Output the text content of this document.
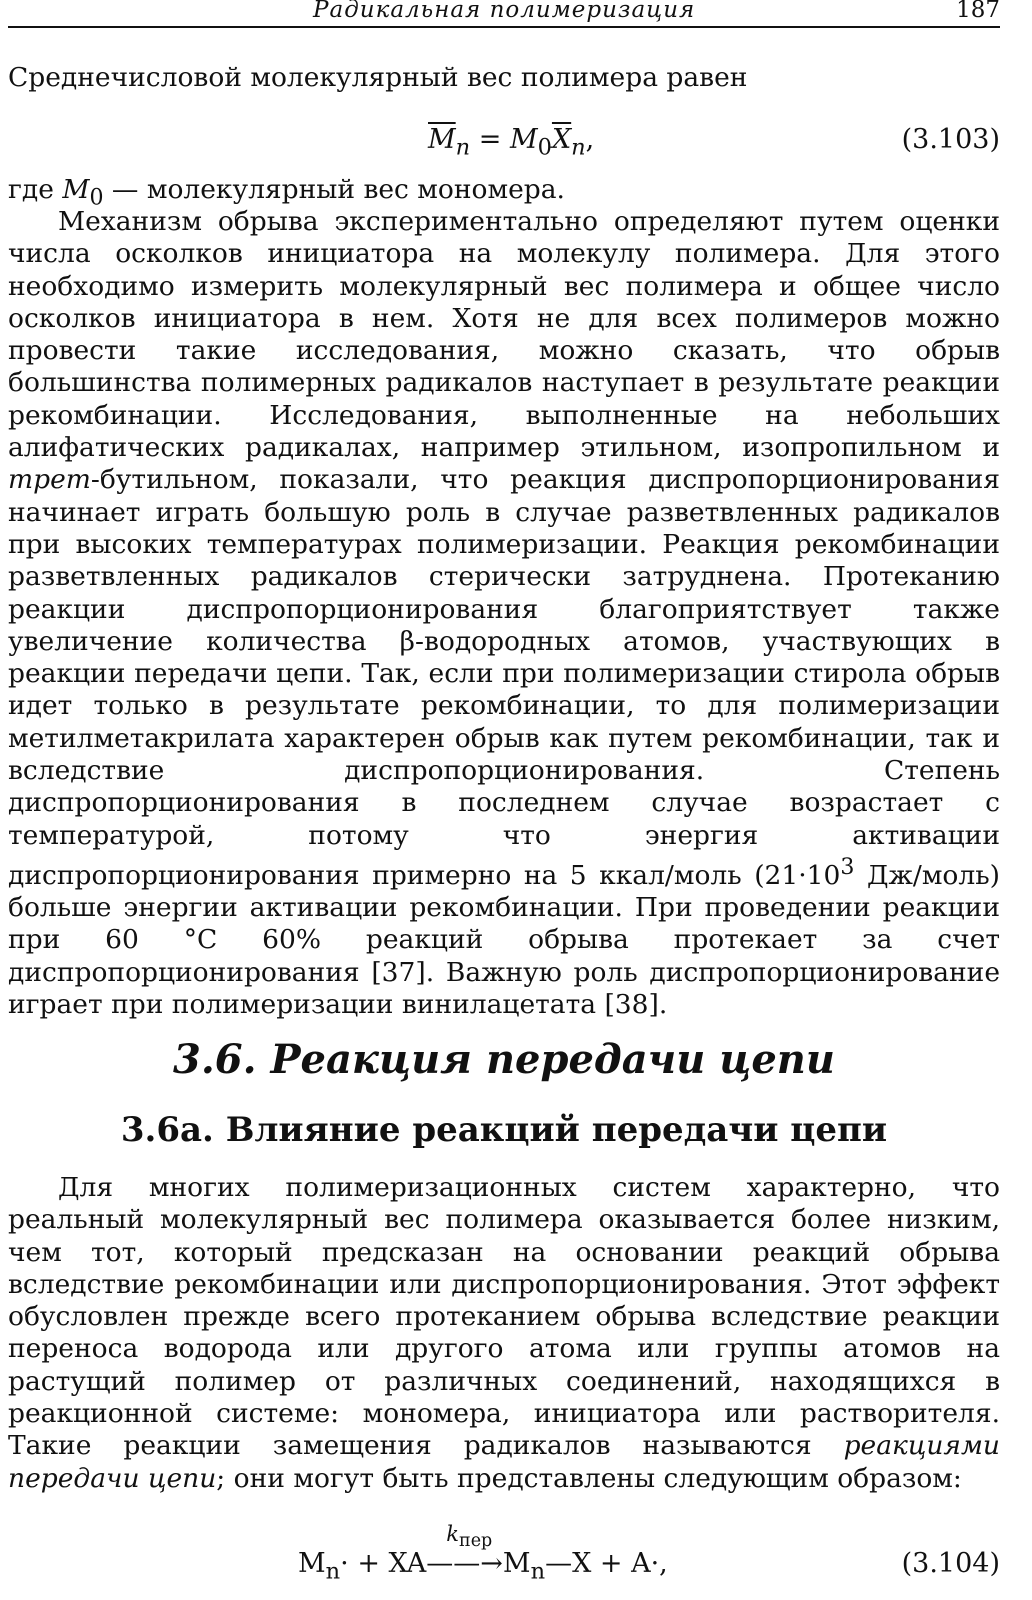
Радикальная полимеризация	187

Среднечисловой молекулярный вес полимера равен

$\overline{M}_n = M_0\overline{X}_n$,	(3.103)

где $M_0$ — молекулярный вес мономера.

Механизм обрыва экспериментально определяют путем оценки числа осколков инициатора на молекулу полимера. Для этого необходимо измерить молекулярный вес полимера и общее число осколков инициатора в нем. Хотя не для всех полимеров можно провести такие исследования, можно сказать, что обрыв большинства полимерных радикалов наступает в результате реакции рекомбинации. Исследования, выполненные на небольших алифатических радикалах, например этильном, изопропильном и трет-бутильном, показали, что реакция диспропорционирования начинает играть большую роль в случае разветвленных радикалов при высоких температурах полимеризации. Реакция рекомбинации разветвленных радикалов стерически затруднена. Протеканию реакции диспропорционирования благоприятствует также увеличение количества β-водородных атомов, участвующих в реакции передачи цепи. Так, если при полимеризации стирола обрыв идет только в результате рекомбинации, то для полимеризации метилметакрилата характерен обрыв как путем рекомбинации, так и вследствие диспропорционирования. Степень диспропорционирования в последнем случае возрастает с температурой, потому что энергия активации диспропорционирования примерно на 5 ккал/моль ($21\cdot 10^3$ Дж/моль) больше энергии активации рекомбинации. При проведении реакции при 60 °С 60% реакций обрыва протекает за счет диспропорционирования [37]. Важную роль диспропорционирование играет при полимеризации винилацетата [38].

3.6. Реакция передачи цепи
3.6а. Влияние реакций передачи цепи

Для многих полимеризационных систем характерно, что реальный молекулярный вес полимера оказывается более низким, чем тот, который предсказан на основании реакций обрыва вследствие рекомбинации или диспропорционирования. Этот эффект обусловлен прежде всего протеканием обрыва вследствие реакции переноса водорода или другого атома или группы атомов на растущий полимер от различных соединений, находящихся в реакционной системе: мономера, инициатора или растворителя. Такие реакции замещения радикалов называются реакциями передачи цепи; они могут быть представлены следующим образом:

$M_n\cdot$ + XA
$k_{пер}$
$——\to M_n—X + A\cdot$,	(3.104)
